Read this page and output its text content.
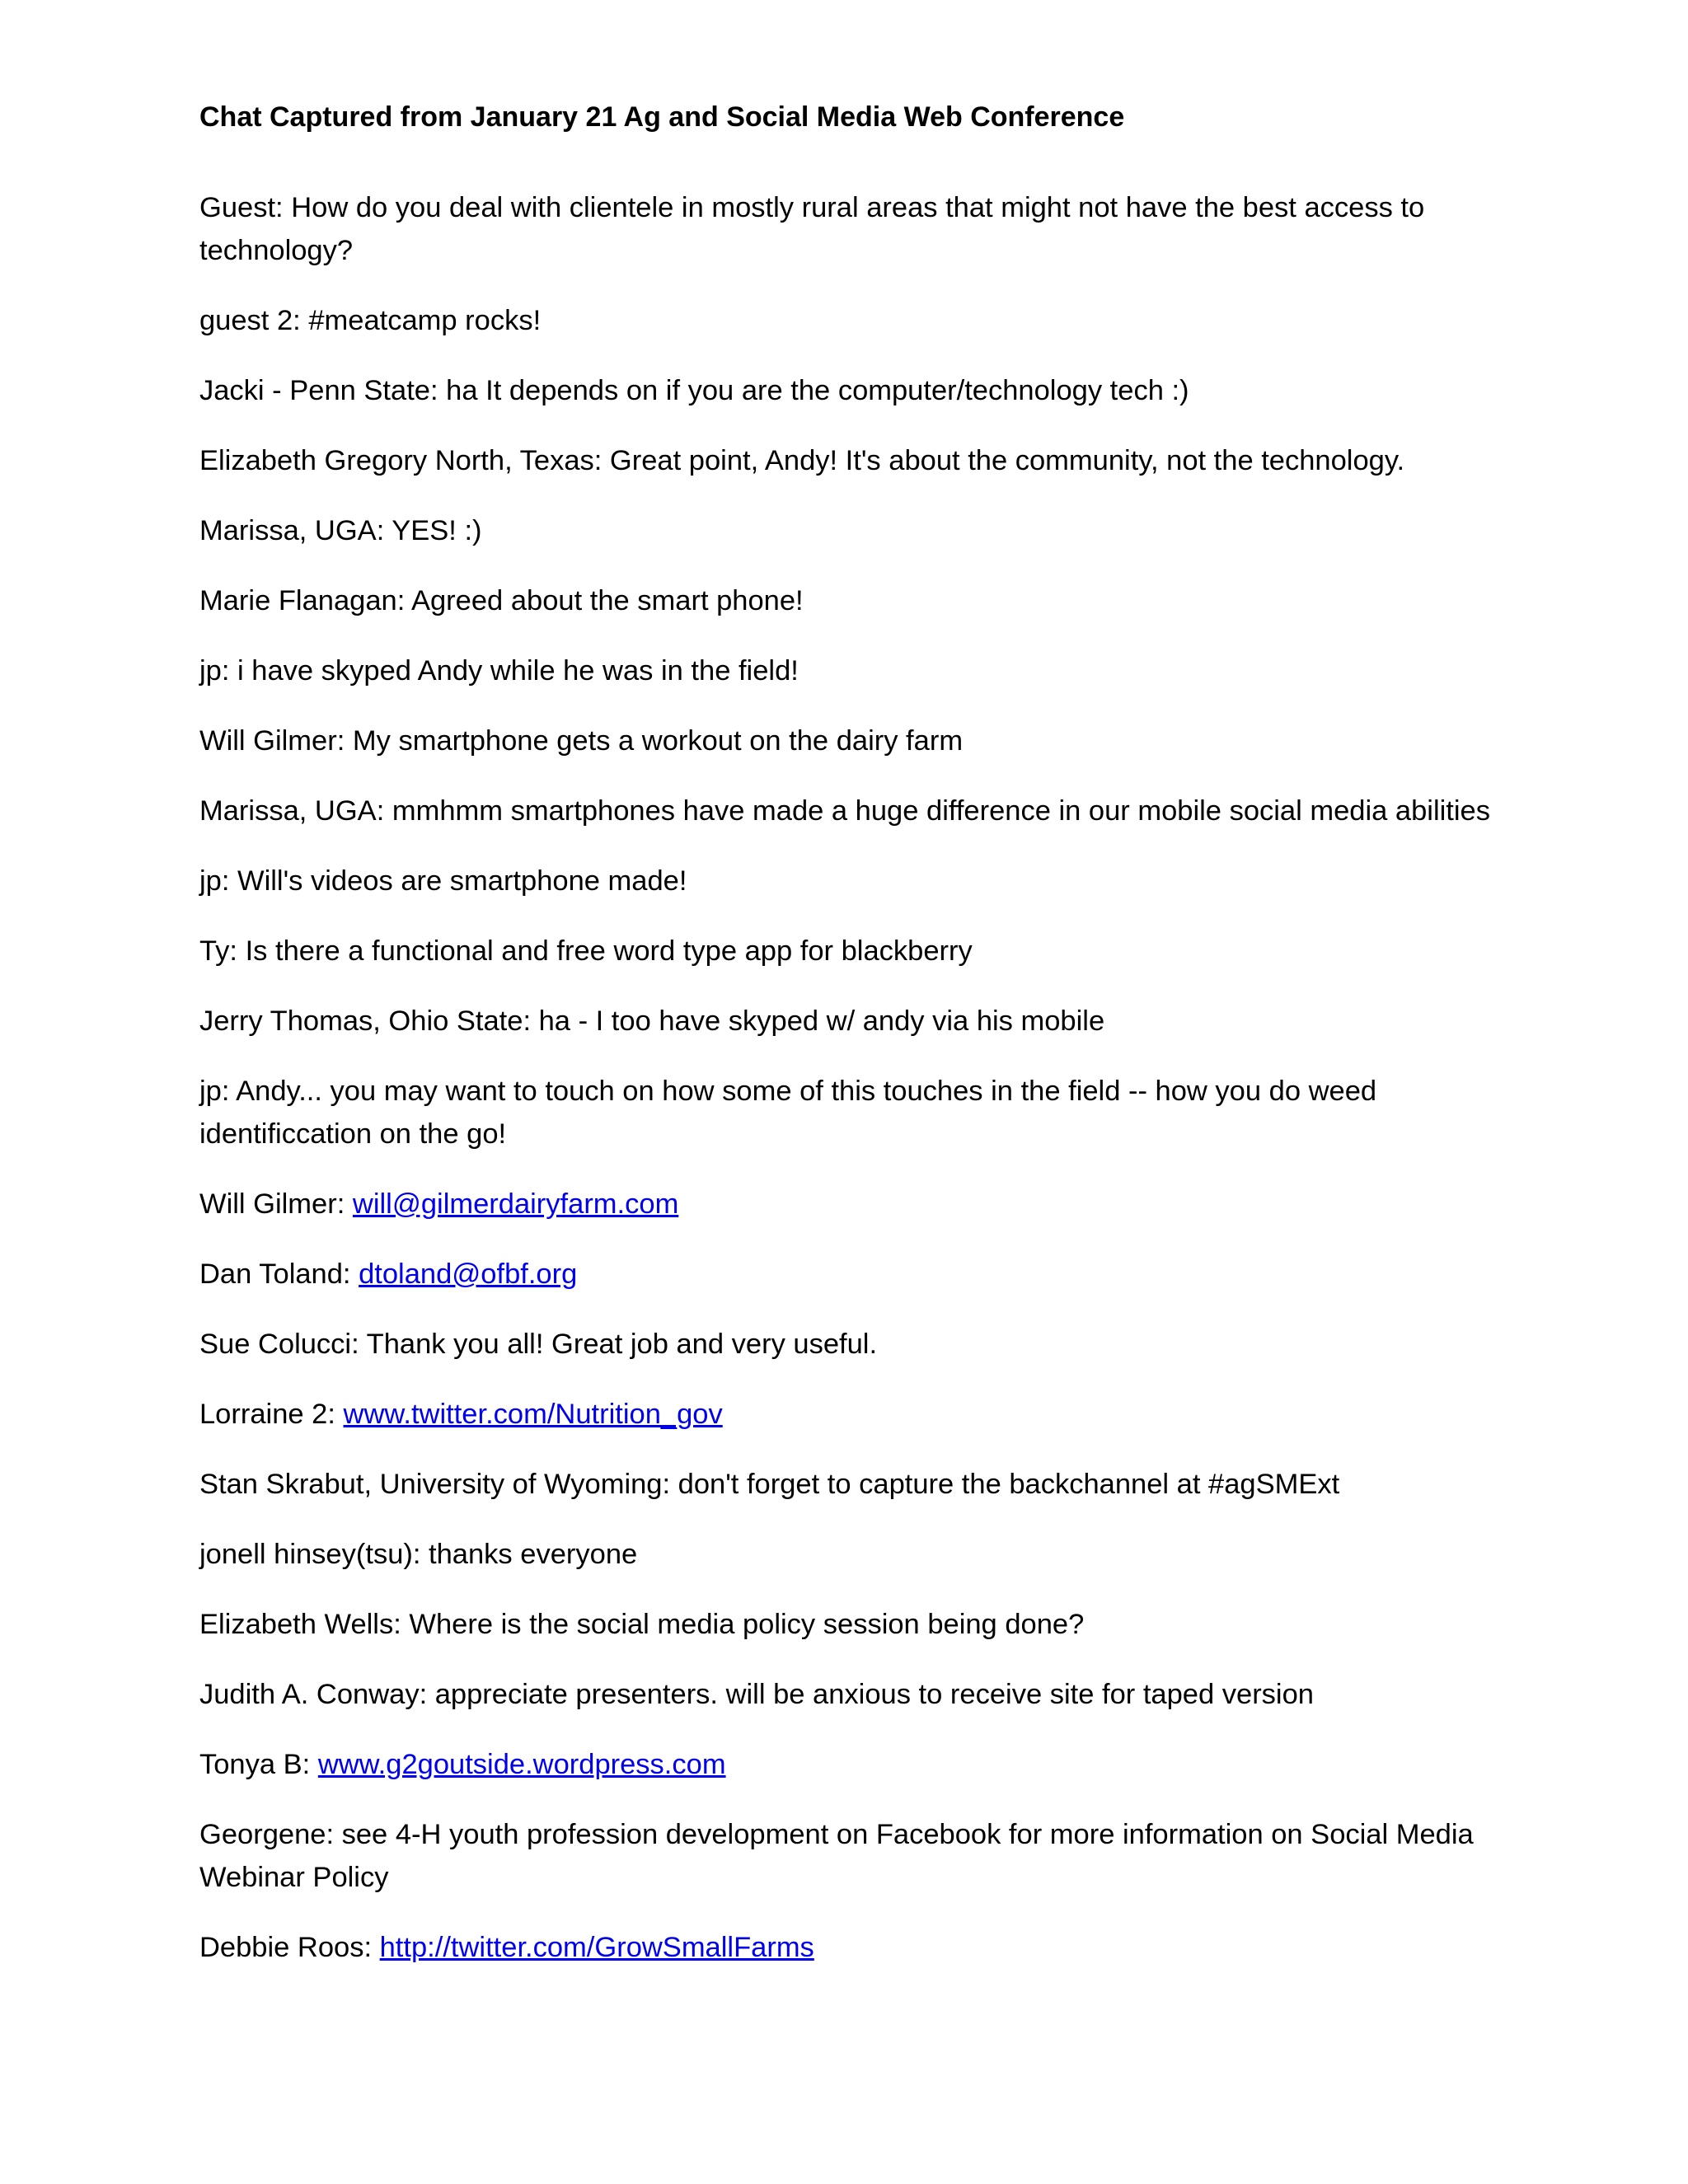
Chat Captured from January 21 Ag and Social Media Web Conference
Guest: How do you deal with clientele in mostly rural areas that might not have the best access to technology?
guest 2: #meatcamp rocks!
Jacki - Penn State: ha It depends on if you are the computer/technology tech :)
Elizabeth Gregory North, Texas: Great point, Andy! It's about the community, not the technology.
Marissa, UGA: YES! :)
Marie Flanagan: Agreed about the smart phone!
jp: i have skyped Andy while he was in the field!
Will Gilmer: My smartphone gets a workout on the dairy farm
Marissa, UGA: mmhmm smartphones have made a huge difference in our mobile social media abilities
jp: Will's videos are smartphone made!
Ty: Is there a functional and free word type app for blackberry
Jerry Thomas, Ohio State: ha - I too have skyped w/ andy via his mobile
jp: Andy... you may want to touch on how some of this touches in the field -- how you do weed identificcation on the go!
Will Gilmer: will@gilmerdairyfarm.com
Dan Toland: dtoland@ofbf.org
Sue Colucci: Thank you all! Great job and very useful.
Lorraine 2: www.twitter.com/Nutrition_gov
Stan Skrabut, University of Wyoming: don't forget to capture the backchannel at #agSMExt
jonell hinsey(tsu): thanks everyone
Elizabeth Wells: Where is the social media policy session being done?
Judith A. Conway: appreciate presenters. will be anxious to receive site for taped version
Tonya B: www.g2goutside.wordpress.com
Georgene: see 4-H youth profession development on Facebook for more information on Social Media Webinar Policy
Debbie Roos: http://twitter.com/GrowSmallFarms
